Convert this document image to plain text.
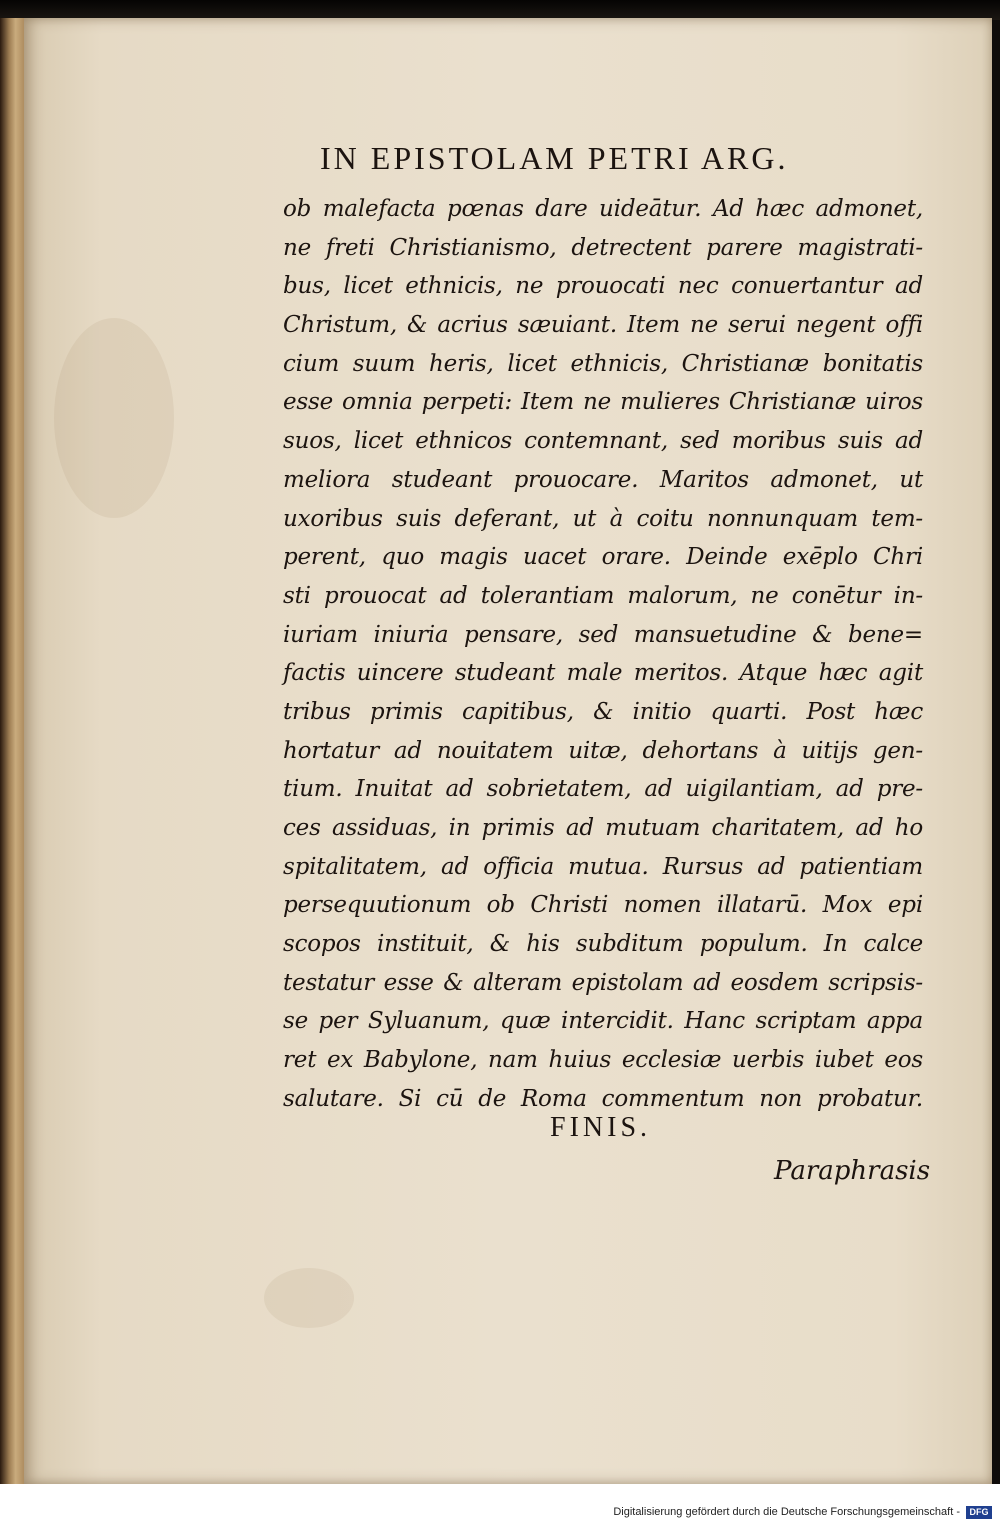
IN EPISTOLAM PETRI ARG.
ob malefacta pœnas dare uideātur. Ad hæc admonet,
ne freti Christianismo, detrectent parere magistrati-
bus, licet ethnicis, ne prouocati nec conuertantur ad
Christum, & acrius sæuiant. Item ne serui negent offi
cium suum heris, licet ethnicis, Christianæ bonitatis
esse omnia perpeti: Item ne mulieres Christianæ uiros
suos, licet ethnicos contemnant, sed moribus suis ad
meliora studeant prouocare. Maritos admonet, ut
uxoribus suis deferant, ut à coitu nonnunquam tem-
perent, quo magis uacet orare. Deinde exēplo Chri
sti prouocat ad tolerantiam malorum, ne conētur in-
iuriam iniuria pensare, sed mansuetudine & bene=
factis uincere studeant male meritos. Atque hæc agit
tribus primis capitibus, & initio quarti. Post hæc
hortatur ad nouitatem uitæ, dehortans à uitijs gen-
tium. Inuitat ad sobrietatem, ad uigilantiam, ad pre-
ces assiduas, in primis ad mutuam charitatem, ad ho
spitalitatem, ad officia mutua. Rursus ad patientiam
persequutionum ob Christi nomen illatarū. Mox epi
scopos instituit, & his subditum populum. In calce
testatur esse & alteram epistolam ad eosdem scripsis-
se per Syluanum, quæ intercidit. Hanc scriptam appa
ret ex Babylone, nam huius ecclesiæ uerbis iubet eos
salutare. Si cū de Roma commentum non probatur.
FINIS.
Paraphrasis
Digitalisierung gefördert durch die Deutsche Forschungsgemeinschaft -	DFG
